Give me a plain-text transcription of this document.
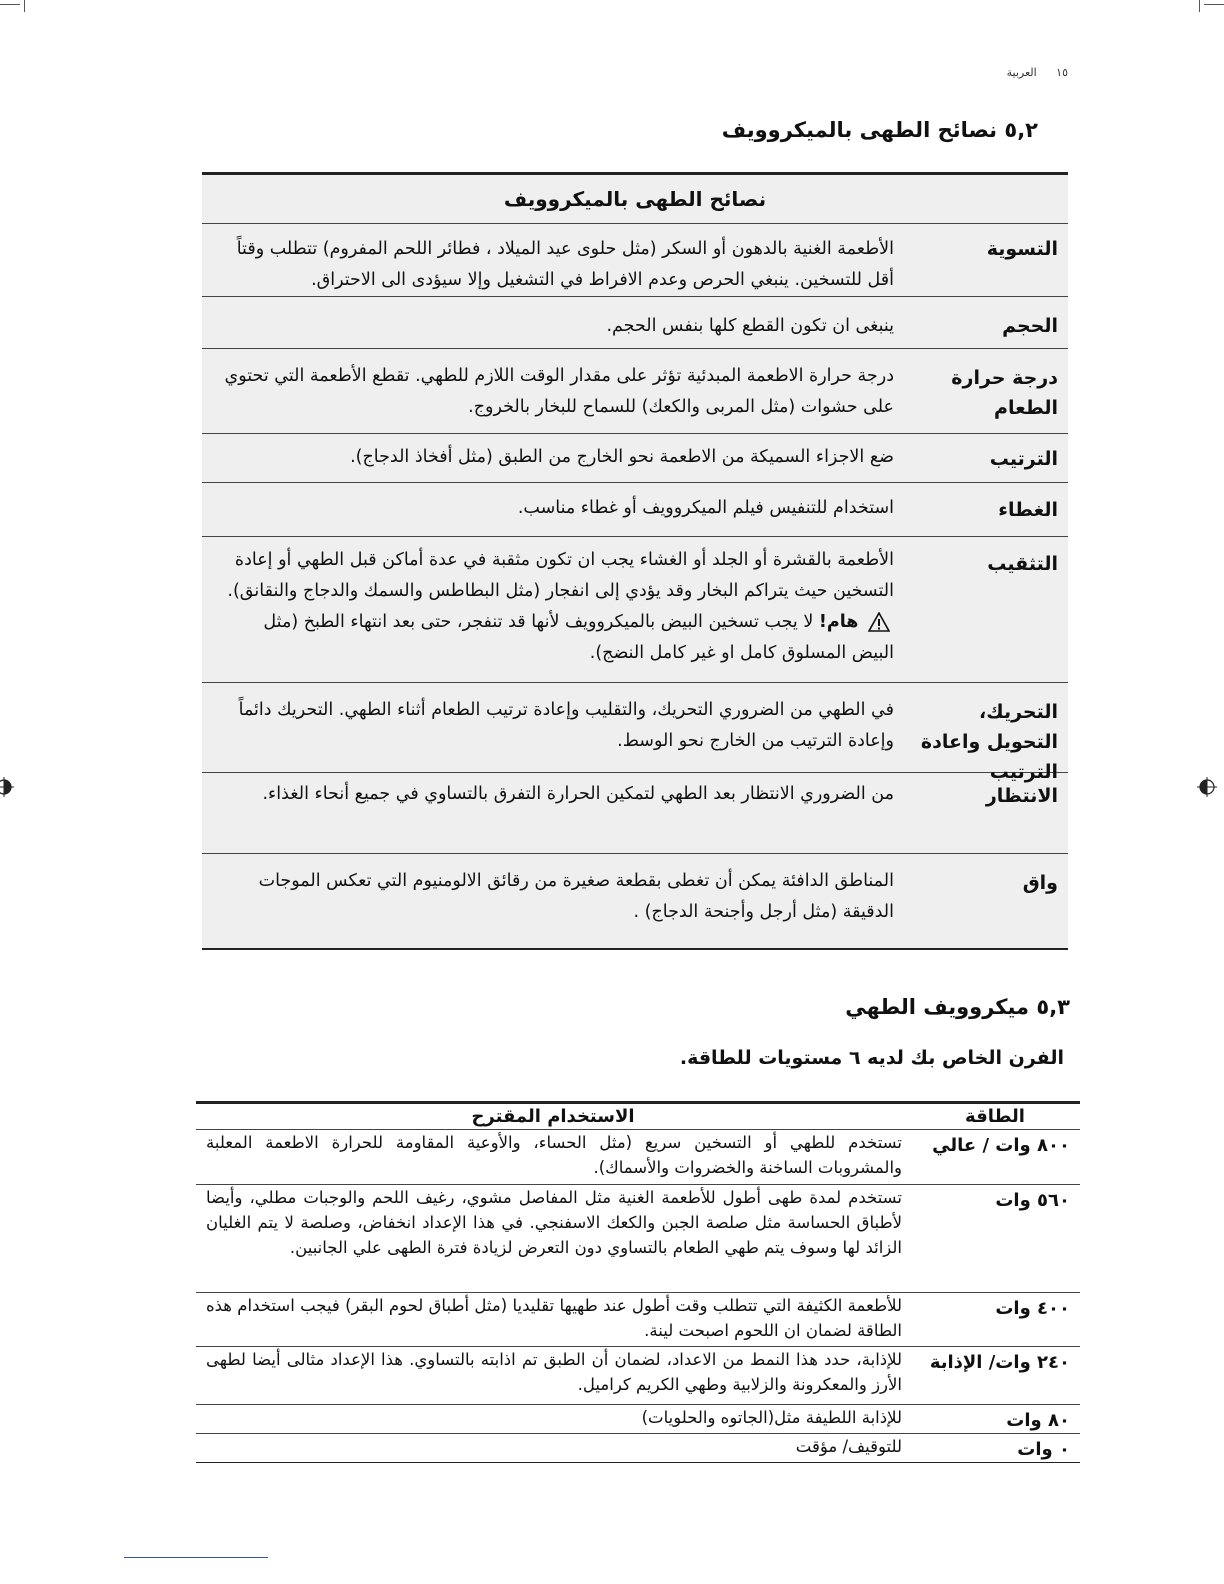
١٥ العربية
٥,٢ نصائح الطهى بالميكروويف
نصائح الطهى بالميكروويف
التسوية
الأطعمة الغنية بالدهون أو السكر (مثل حلوى عيد الميلاد ، فطائر اللحم المفروم) تتطلب وقتاً أقل للتسخين. ينبغي الحرص وعدم الافراط في التشغيل وإلا سيؤدى الى الاحتراق.
الحجم
ينبغى ان تكون القطع كلها بنفس الحجم.
درجة حرارة الطعام
درجة حرارة الاطعمة المبدئية تؤثر على مقدار الوقت اللازم للطهي. تقطع الأطعمة التي تحتوي على حشوات (مثل المربى والكعك) للسماح للبخار بالخروج.
الترتيب
ضع الاجزاء السميكة من الاطعمة نحو الخارج من الطبق (مثل أفخاذ الدجاج).
الغطاء
استخدام للتنفيس فيلم الميكروويف أو غطاء مناسب.
التثقيب
الأطعمة بالقشرة أو الجلد أو الغشاء يجب ان تكون مثقبة في عدة أماكن قبل الطهي أو إعادة التسخين حيث يتراكم البخار وقد يؤدي إلى انفجار (مثل البطاطس والسمك والدجاج والنقانق).  هام! لا يجب تسخين البيض بالميكروويف لأنها قد تنفجر، حتى بعد انتهاء الطبخ (مثل البيض المسلوق كامل او غير كامل النضج).
التحريك، التحويل واعادة الترتيب
في الطهي من الضروري التحريك، والتقليب وإعادة ترتيب الطعام أثناء الطهي. التحريك دائماً وإعادة الترتيب من الخارج نحو الوسط.
الانتظار
من الضروري الانتظار بعد الطهي لتمكين الحرارة التفرق بالتساوي في جميع أنحاء الغذاء.
واق
المناطق الدافئة يمكن أن تغطى بقطعة صغيرة من رقائق الالومنيوم التي تعكس الموجات الدقيقة (مثل أرجل وأجنحة الدجاج) .
٥,٣ ميكروويف الطهي
الفرن الخاص بك لديه ٦ مستويات للطاقة.
الطاقة
الاستخدام المقترح
٨٠٠ وات / عالي
تستخدم للطهي أو التسخين سريع (مثل الحساء، والأوعية المقاومة للحرارة الاطعمة المعلبة والمشروبات الساخنة والخضروات والأسماك).
٥٦٠ وات
تستخدم لمدة طهى أطول للأطعمة الغنية مثل المفاصل مشوي، رغيف اللحم والوجبات مطلي، وأيضا لأطباق الحساسة مثل صلصة الجبن والكعك الاسفنجي. في هذا الإعداد انخفاض، وصلصة لا يتم الغليان الزائد لها وسوف يتم طهي الطعام بالتساوي دون التعرض لزيادة فترة الطهى علي الجانبين.
٤٠٠ وات
للأطعمة الكثيفة التي تتطلب وقت أطول عند طهيها تقليديا (مثل أطباق لحوم البقر) فيجب استخدام هذه الطاقة لضمان ان اللحوم اصبحت لينة.
٢٤٠ وات/ الإذابة
للإذابة، حدد هذا النمط من الاعداد، لضمان أن الطبق تم اذابته بالتساوي. هذا الإعداد مثالى أيضا لطهى الأرز والمعكرونة والزلابية وطهي الكريم كراميل.
٨٠ وات
للإذابة اللطيفة مثل(الجاتوه والحلويات)
٠ وات
للتوقيف/ مؤقت
